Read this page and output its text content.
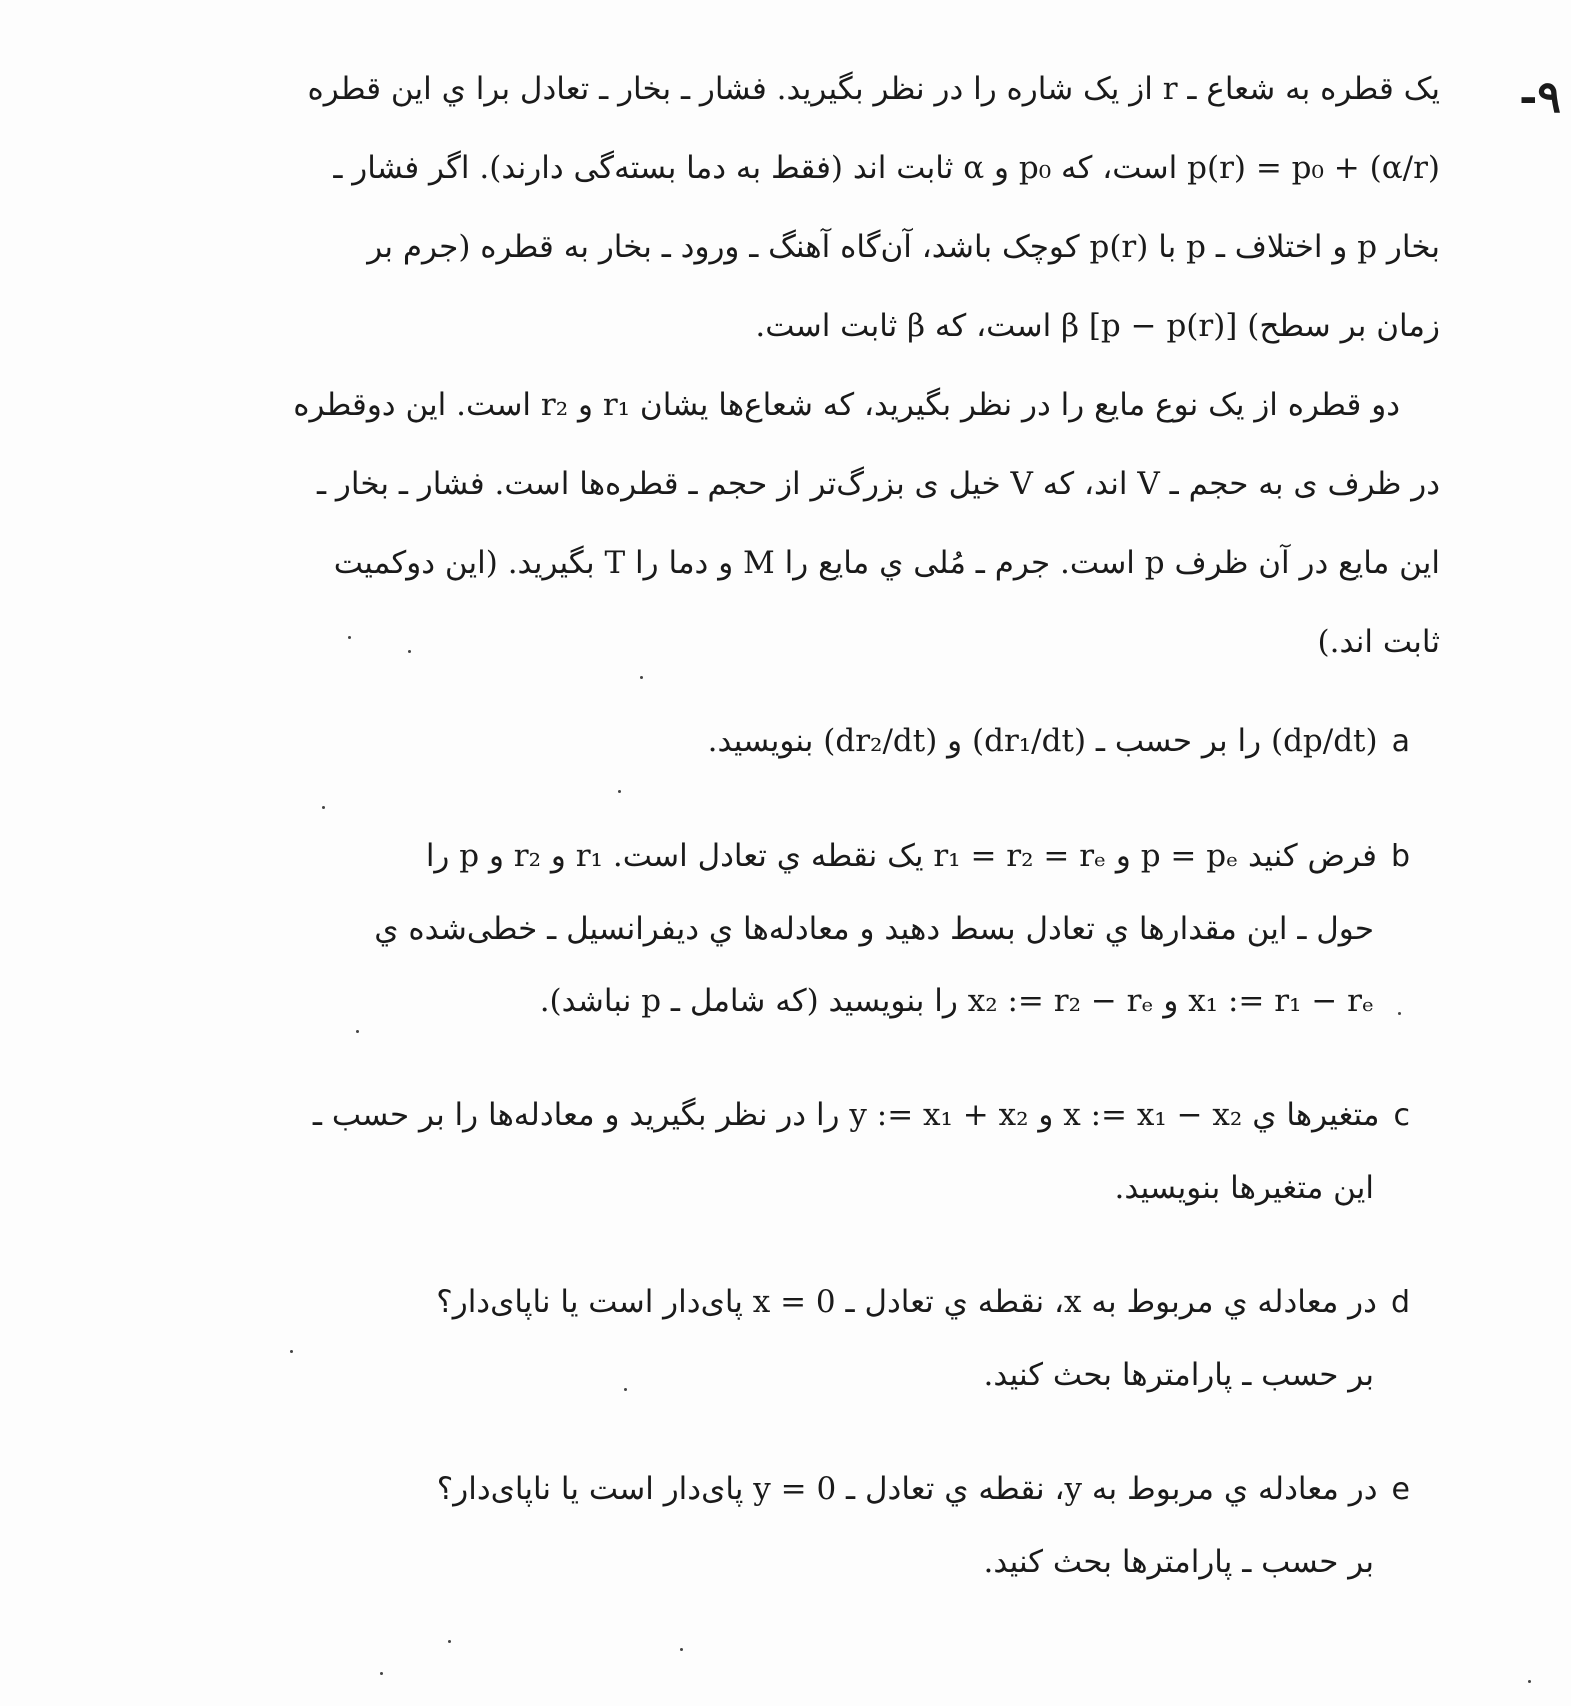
۹-
یک قطره به شعاع ـ r از یک شاره را در نظر بگیرید. فشار ـ بخار ـ تعادل برا ي این قطره
p(r) = p₀ + (α/r) است، که p₀ و α ثابت اند (فقط به دما بسته‌گی دارند). اگر فشار ـ
بخار p و اختلاف ـ p با p(r) کوچک باشد، آن‌گاه آهنگ ـ ورود ـ بخار به قطره (جرم بر
زمان بر سطح) β [p − p(r)] است، که β ثابت است.
دو قطره از یک نوع مایع را در نظر بگیرید، که شعاع‌ها یشان r₁ و r₂ است. این دوقطره
در ظرف ی به حجم ـ V اند، که V خیل ی بزرگ‌تر از حجم ـ قطره‌ها است. فشار ـ بخار ـ
این مایع در آن ظرف p است. جرم ـ مُلی ي مایع را M و دما را T بگیرید. (این دوکمیت
ثابت اند.)
a(dp/dt) را بر حسب ـ (dr₁/dt) و (dr₂/dt) بنویسید.
bفرض کنید p = pₑ و r₁ = r₂ = rₑ یک نقطه ي تعادل است. r₁ و r₂ و p را
حول ـ این مقدارها ي تعادل بسط دهید و معادله‌ها ي دیفرانسیل ـ خطی‌شده ي
x₁ := r₁ − rₑ و x₂ := r₂ − rₑ را بنویسید (که شامل ـ p نباشد).
cمتغیرها ي x := x₁ − x₂ و y := x₁ + x₂ را در نظر بگیرید و معادله‌ها را بر حسب ـ
این متغیرها بنویسید.
dدر معادله ي مربوط به x، نقطه ي تعادل ـ x = 0 پای‌دار است یا ناپای‌دار؟
بر حسب ـ پارامترها بحث کنید.
eدر معادله ي مربوط به y، نقطه ي تعادل ـ y = 0 پای‌دار است یا ناپای‌دار؟
بر حسب ـ پارامترها بحث کنید.
